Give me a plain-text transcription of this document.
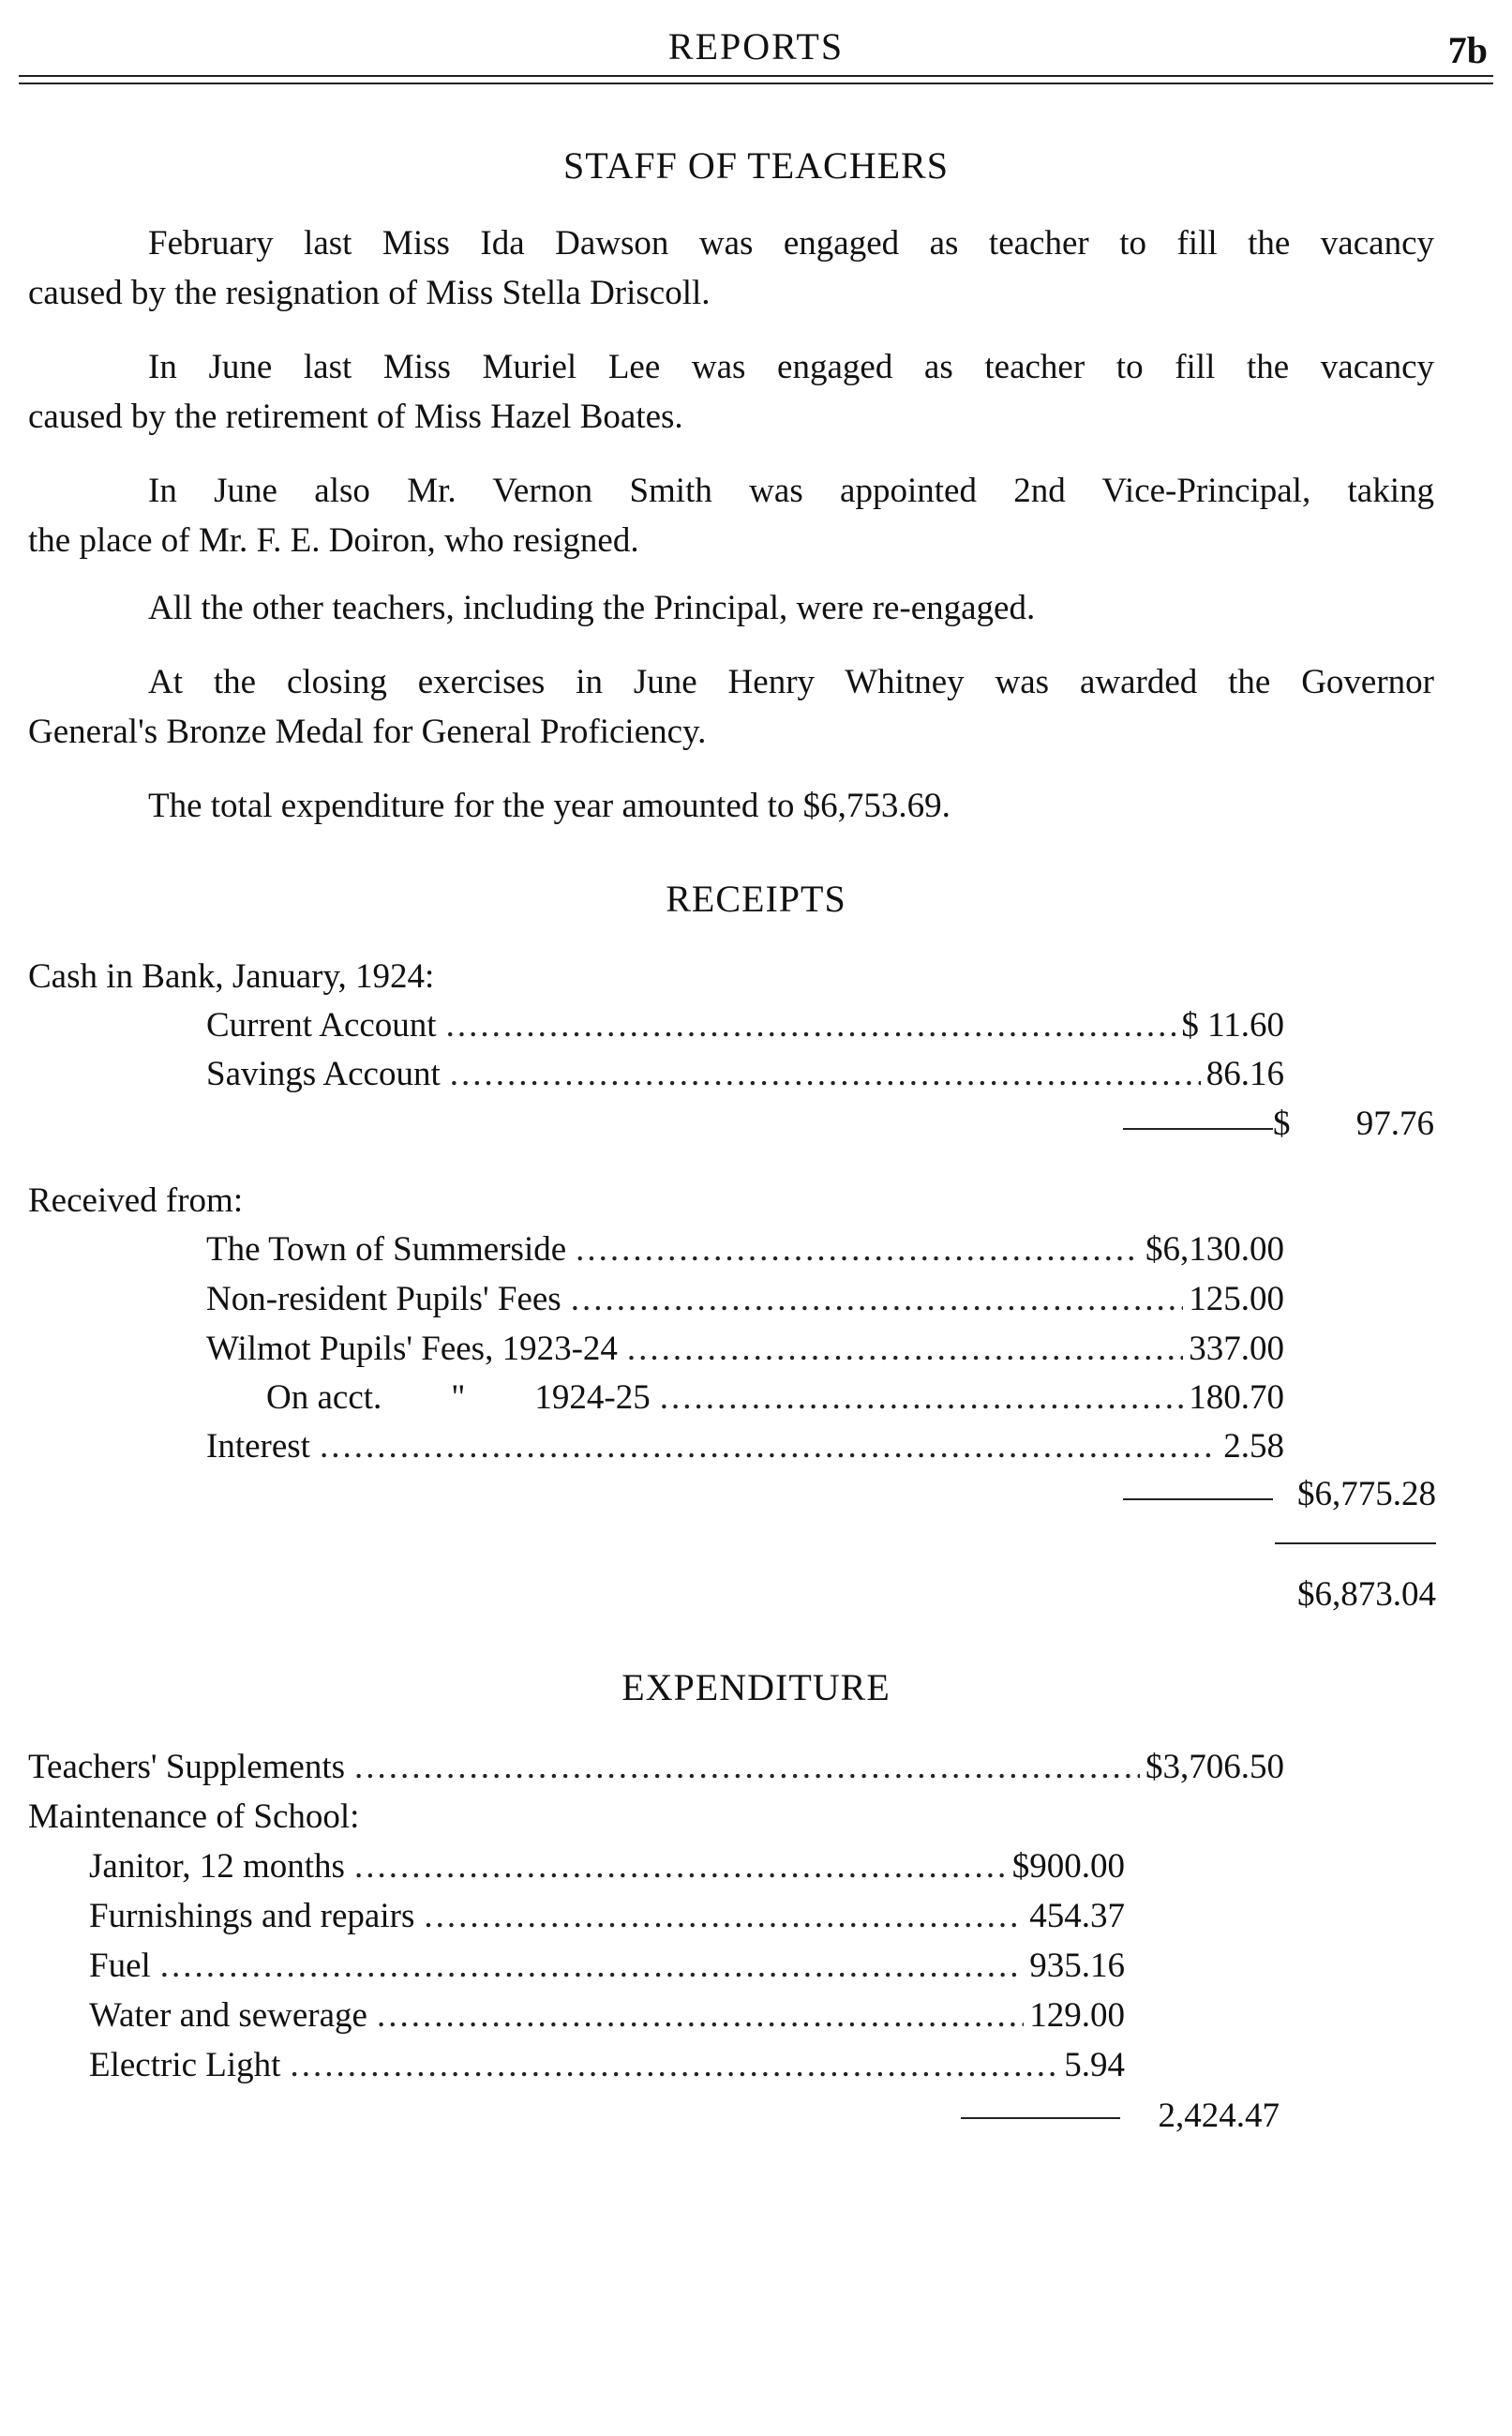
REPORTS	7b
STAFF OF TEACHERS
February last Miss Ida Dawson was engaged as teacher to fill the vacancy
caused by the resignation of Miss Stella Driscoll.
In June last Miss Muriel Lee was engaged as teacher to fill the vacancy
caused by the retirement of Miss Hazel Boates.
In June also Mr. Vernon Smith was appointed 2nd Vice-Principal, taking
the place of Mr. F. E. Doiron, who resigned.
All the other teachers, including the Principal, were re-engaged.
At the closing exercises in June Henry Whitney was awarded the Governor
General's Bronze Medal for General Proficiency.
The total expenditure for the year amounted to $6,753.69.
RECEIPTS
Cash in Bank, January, 1924:
Current Account .....	$ 11.60
Savings Account .....	86.16
$	97.76
Received from:
The Town of Summerside .....	$6,130.00
Non-resident Pupils' Fees .....	125.00
Wilmot Pupils' Fees, 1923-24 .....	337.00
On acct.        "        1924-25 .....	180.70
Interest .....	2.58
$6,775.28
$6,873.04
EXPENDITURE
Teachers' Supplements .....	$3,706.50
Maintenance of School:
Janitor, 12 months .....	$900.00
Furnishings and repairs .....	454.37
Fuel .....	935.16
Water and sewerage .....	129.00
Electric Light .....	5.94
2,424.47
